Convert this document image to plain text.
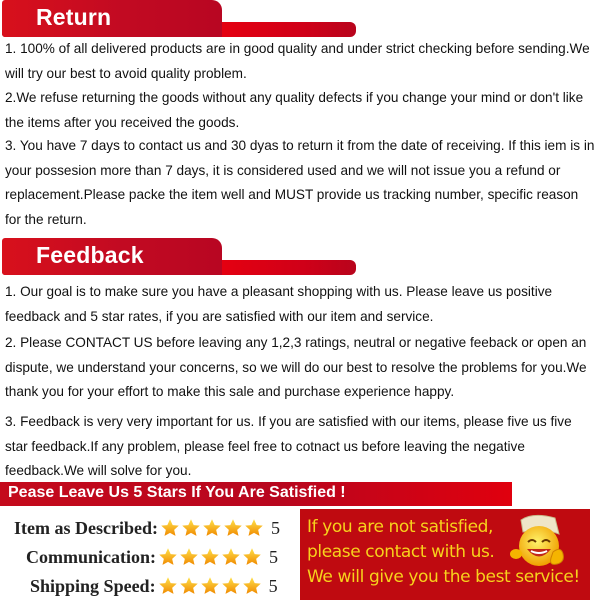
Return
1. 100% of all delivered products are in good quality and under strict checking before sending.We will try our best to avoid quality problem.
2.We refuse returning the goods without any quality defects if you change your mind or don't like the items after you received the goods.
3. You have 7 days to contact us and 30 dyas to return it from the date of receiving. If this iem is in your possesion more than 7 days, it is considered used and we will not issue you a refund or replacement.Please packe the item well and MUST provide us tracking number, specific reason for the return.
Feedback
1. Our goal is to make sure you have a pleasant shopping with us. Please leave us positive feedback and 5 star rates, if you are satisfied with our item and service.
2. Please CONTACT US before leaving any 1,2,3 ratings, neutral or negative feeback or open an dispute, we understand your concerns, so we will do our best to resolve the problems for you.We thank you for your effort to make this sale and purchase experience happy.
3. Feedback is very very important for us. If you are satisfied with our items, please five us five star feedback.If any problem, please feel free to cotnact us before leaving the negative feedback.We will solve for you.
Pease Leave Us 5 Stars If You Are Satisfied !
Item as Described:	5
Communication:	5
Shipping Speed:	5
If you are not satisfied,
please contact with us.
We will give you the best service!
